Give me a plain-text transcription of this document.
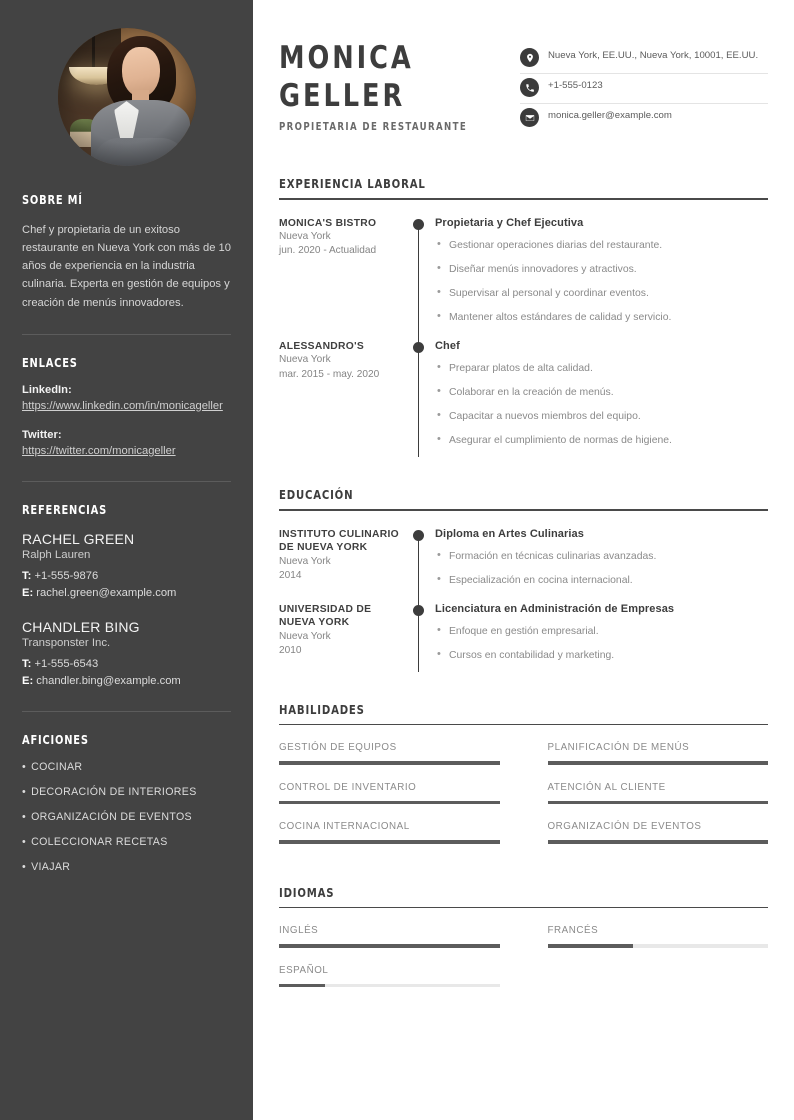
SOBRE MÍ
Chef y propietaria de un exitoso restaurante en Nueva York con más de 10 años de experiencia en la industria culinaria. Experta en gestión de equipos y creación de menús innovadores.
ENLACES
LinkedIn:
https://www.linkedin.com/in/monicageller
Twitter:
https://twitter.com/monicageller
REFERENCIAS
RACHEL GREEN
Ralph Lauren
T: +1-555-9876
E: rachel.green@example.com
CHANDLER BING
Transponster Inc.
T: +1-555-6543
E: chandler.bing@example.com
AFICIONES
• COCINAR
• DECORACIÓN DE INTERIORES
• ORGANIZACIÓN DE EVENTOS
• COLECCIONAR RECETAS
• VIAJAR
MONICA
GELLER
PROPIETARIA DE RESTAURANTE
Nueva York, EE.UU., Nueva York, 10001, EE.UU.
+1-555-0123
monica.geller@example.com
EXPERIENCIA LABORAL
MONICA'S BISTRO
Nueva York
jun. 2020 - Actualidad
Propietaria y Chef Ejecutiva
• Gestionar operaciones diarias del restaurante.
• Diseñar menús innovadores y atractivos.
• Supervisar al personal y coordinar eventos.
• Mantener altos estándares de calidad y servicio.
ALESSANDRO'S
Nueva York
mar. 2015 - may. 2020
Chef
• Preparar platos de alta calidad.
• Colaborar en la creación de menús.
• Capacitar a nuevos miembros del equipo.
• Asegurar el cumplimiento de normas de higiene.
EDUCACIÓN
INSTITUTO CULINARIO DE NUEVA YORK
Nueva York
2014
Diploma en Artes Culinarias
• Formación en técnicas culinarias avanzadas.
• Especialización en cocina internacional.
UNIVERSIDAD DE NUEVA YORK
Nueva York
2010
Licenciatura en Administración de Empresas
• Enfoque en gestión empresarial.
• Cursos en contabilidad y marketing.
HABILIDADES
GESTIÓN DE EQUIPOS	PLANIFICACIÓN DE MENÚS
CONTROL DE INVENTARIO	ATENCIÓN AL CLIENTE
COCINA INTERNACIONAL	ORGANIZACIÓN DE EVENTOS
IDIOMAS
INGLÉS	FRANCÉS
ESPAÑOL
